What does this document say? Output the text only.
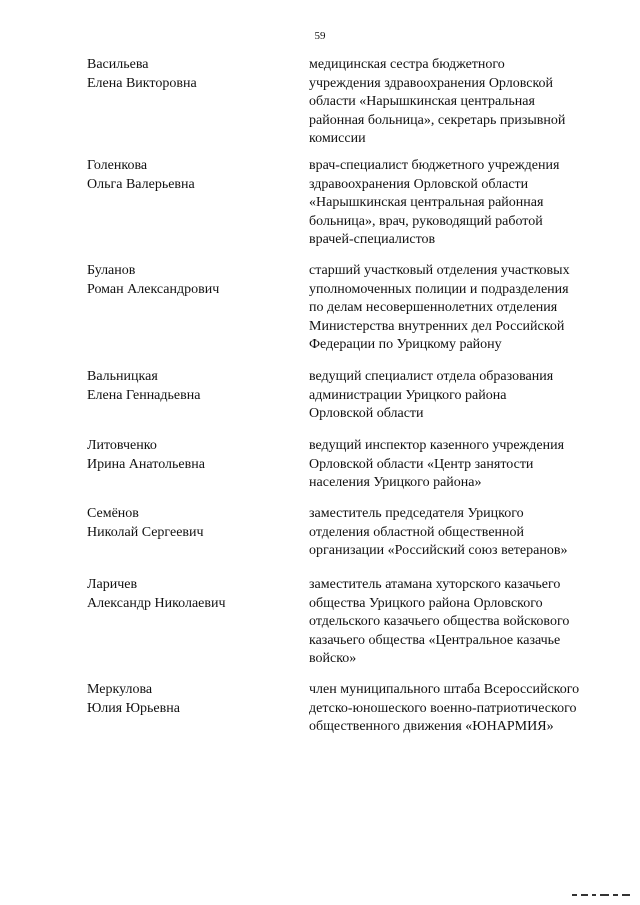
59
Васильева
Елена Викторовна
медицинская сестра бюджетного
учреждения здравоохранения Орловской
области «Нарышкинская центральная
районная больница», секретарь призывной
комиссии
Голенкова
Ольга Валерьевна
врач-специалист бюджетного учреждения
здравоохранения Орловской области
«Нарышкинская центральная районная
больница», врач, руководящий работой
врачей-специалистов
Буланов
Роман Александрович
старший участковый отделения участковых
уполномоченных полиции и подразделения
по делам несовершеннолетних отделения
Министерства внутренних дел Российской
Федерации по Урицкому району
Вальницкая
Елена Геннадьевна
ведущий специалист отдела образования
администрации Урицкого района
Орловской области
Литовченко
Ирина Анатольевна
ведущий инспектор казенного учреждения
Орловской области «Центр занятости
населения Урицкого района»
Семёнов
Николай Сергеевич
заместитель председателя Урицкого
отделения областной общественной
организации «Российский союз ветеранов»
Ларичев
Александр Николаевич
заместитель атамана хуторского казачьего
общества Урицкого района Орловского
отдельского казачьего общества войскового
казачьего общества «Центральное казачье
войско»
Меркулова
Юлия Юрьевна
член муниципального штаба Всероссийского
детско-юношеского военно-патриотического
общественного движения «ЮНАРМИЯ»
